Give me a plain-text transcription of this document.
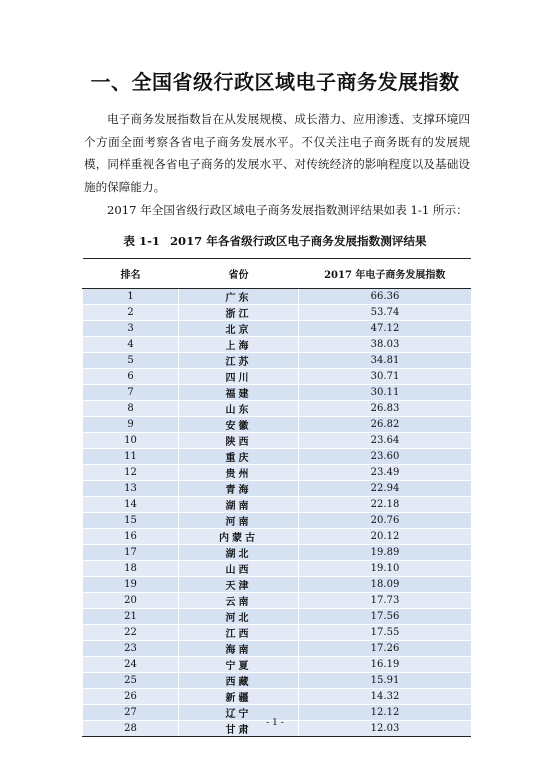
一、全国省级行政区域电子商务发展指数
电子商务发展指数旨在从发展规模、成长潜力、应用渗透、支撑环境四个方面全面考察各省电子商务发展水平。不仅关注电子商务既有的发展规模，同样重视各省电子商务的发展水平、对传统经济的影响程度以及基础设施的保障能力。
2017 年全国省级行政区域电子商务发展指数测评结果如表 1-1 所示：
表 1-1 2017 年各省级行政区电子商务发展指数测评结果
排名	省份	2017 年电子商务发展指数
1	广东	66.36
2	浙江	53.74
3	北京	47.12
4	上海	38.03
5	江苏	34.81
6	四川	30.71
7	福建	30.11
8	山东	26.83
9	安徽	26.82
10	陕西	23.64
11	重庆	23.60
12	贵州	23.49
13	青海	22.94
14	湖南	22.18
15	河南	20.76
16	内蒙古	20.12
17	湖北	19.89
18	山西	19.10
19	天津	18.09
20	云南	17.73
21	河北	17.56
22	江西	17.55
23	海南	17.26
24	宁夏	16.19
25	西藏	15.91
26	新疆	14.32
27	辽宁	12.12
28	甘肃	12.03
- 1 -
